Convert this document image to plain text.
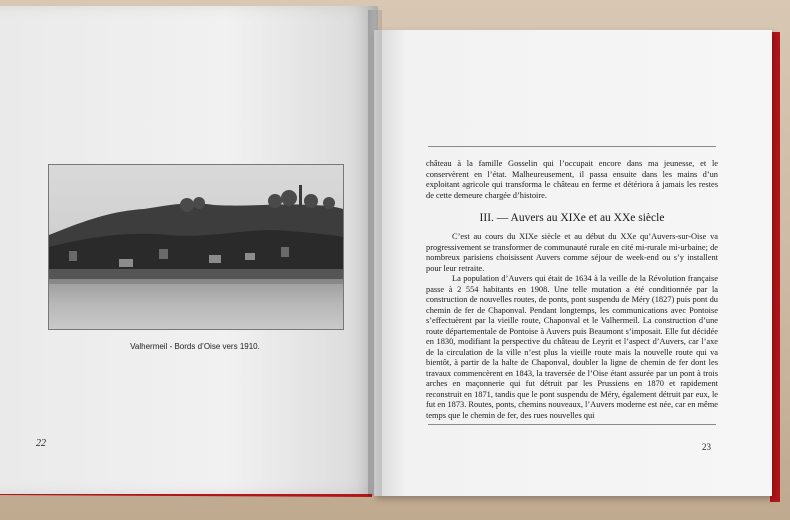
Valhermeil - Bords d’Oise vers 1910.
22

château à la famille Gosselin qui l’occupait encore dans ma jeunesse, et le conservèrent en l’état. Malheureusement, il passa ensuite dans les mains d’un exploitant agricole qui transforma le château en ferme et détériora à jamais les restes de cette demeure chargée d’histoire.

III. — Auvers au XIXe et au XXe siècle

C’est au cours du XIXe siècle et au début du XXe qu’Auvers-sur-Oise va progressivement se transformer de communauté rurale en cité mi-rurale mi-urbaine; de nombreux parisiens choisissent Auvers comme séjour de week-end ou s’y installent pour leur retraite.

La population d’Auvers qui était de 1634 à la veille de la Révolution française passe à 2 554 habitants en 1908. Une telle mutation a été conditionnée par la construction de nouvelles routes, de ponts, pont suspendu de Méry (1827) puis pont du chemin de fer de Chaponval. Pendant longtemps, les communications avec Pontoise s’effectuèrent par la vieille route, Chaponval et le Valhermeil. La construction d’une route départementale de Pontoise à Auvers puis Beaumont s’imposait. Elle fut décidée en 1830, modifiant la perspective du château de Leyrit et l’aspect d’Auvers, car l’axe de la circulation de la ville n’est plus la vieille route mais la nouvelle route qui va bientôt, à partir de la halte de Chaponval, doubler la ligne de chemin de fer dont les travaux commencèrent en 1843, la traversée de l’Oise étant assurée par un pont à trois arches en maçonnerie qui fut détruit par les Prussiens en 1870 et rapidement reconstruit en 1871, tandis que le pont suspendu de Méry, également détruit par eux, le fut en 1873. Routes, ponts, chemins nouveaux, l’Auvers moderne est née, car en même temps que le chemin de fer, des rues nouvelles qui

23
